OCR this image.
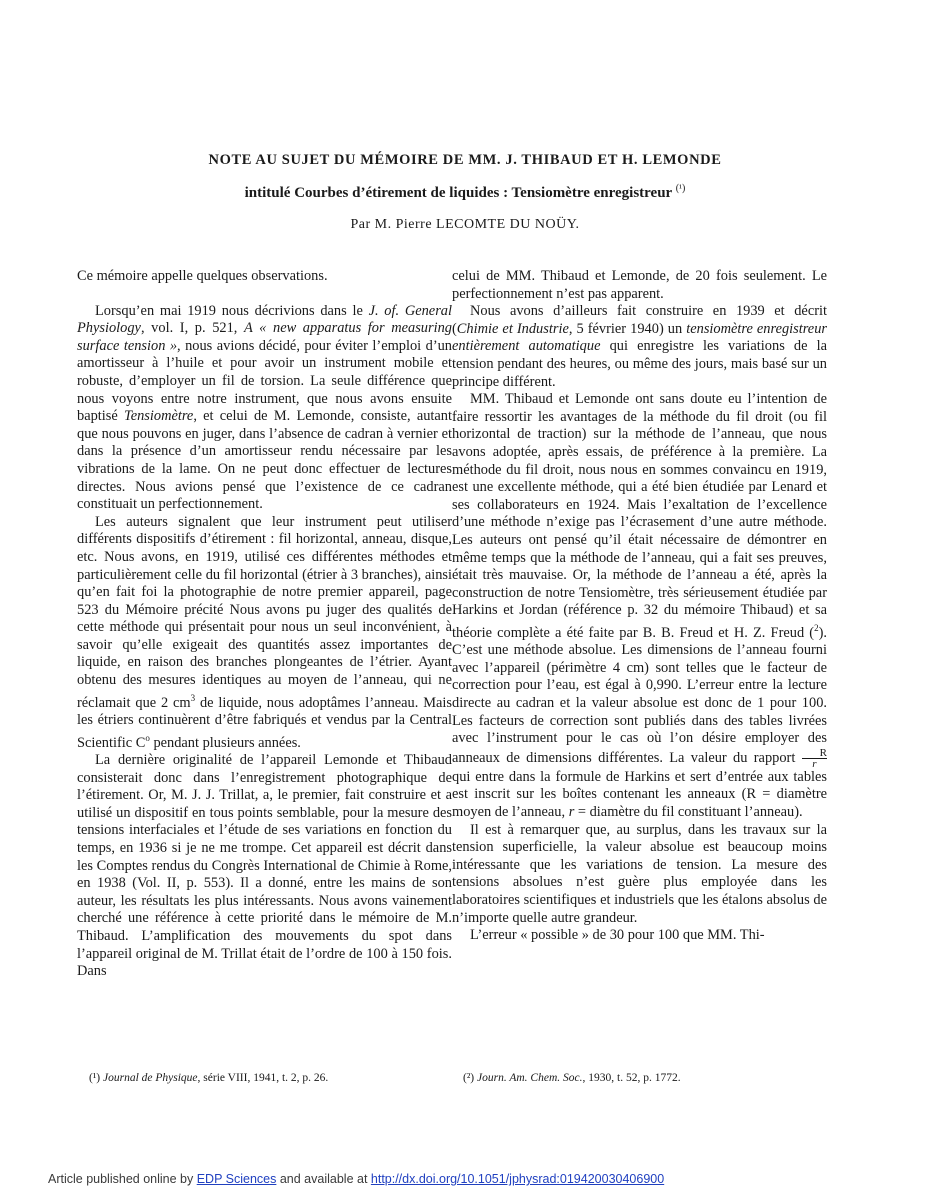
NOTE AU SUJET DU MÉMOIRE DE MM. J. THIBAUD ET H. LEMONDE
intitulé Courbes d’étirement de liquides : Tensiomètre enregistreur $^{(^1)}$
Par M. Pierre LECOMTE DU NOÜY.

Ce mémoire appelle quelques observations.

Lorsqu’en mai 1919 nous décrivions dans le J. of. General Physiology, vol. I, p. 521, A « new apparatus for measuring surface tension », nous avions décidé, pour éviter l’emploi d’un amortisseur à l’huile et pour avoir un instrument mobile et robuste, d’employer un fil de torsion. La seule différence que nous voyons entre notre instrument, que nous avons ensuite baptisé Tensiomètre, et celui de M. Lemonde, consiste, autant que nous pouvons en juger, dans l’absence de cadran à vernier et dans la présence d’un amortisseur rendu nécessaire par les vibrations de la lame. On ne peut donc effectuer de lectures directes. Nous avions pensé que l’existence de ce cadran constituait un perfectionnement.

Les auteurs signalent que leur instrument peut utiliser différents dispositifs d’étirement : fil horizontal, anneau, disque, etc. Nous avons, en 1919, utilisé ces différentes méthodes et particulièrement celle du fil horizontal (étrier à 3 branches), ainsi qu’en fait foi la photographie de notre premier appareil, page 523 du Mémoire précité Nous avons pu juger des qualités de cette méthode qui présentait pour nous un seul inconvénient, à savoir qu’elle exigeait des quantités assez importantes de liquide, en raison des branches plongeantes de l’étrier. Ayant obtenu des mesures identiques au moyen de l’anneau, qui ne réclamait que 2 $cm^3$ de liquide, nous adoptâmes l’anneau. Mais les étriers continuèrent d’être fabriqués et vendus par la Central Scientific $C^o$ pendant plusieurs années.

La dernière originalité de l’appareil Lemonde et Thibaud consisterait donc dans l’enregistrement photographique de l’étirement. Or, M. J. J. Trillat, a, le premier, fait construire et a utilisé un dispositif en tous points semblable, pour la mesure des tensions interfaciales et l’étude de ses variations en fonction du temps, en 1936 si je ne me trompe. Cet appareil est décrit dans les Comptes rendus du Congrès International de Chimie à Rome, en 1938 (Vol. II, p. 553). Il a donné, entre les mains de son auteur, les résultats les plus intéressants. Nous avons vainement cherché une référence à cette priorité dans le mémoire de M. Thibaud. L’amplification des mouvements du spot dans l’appareil original de M. Trillat était de l’ordre de 100 à 150 fois. Dans

celui de MM. Thibaud et Lemonde, de 20 fois seulement. Le perfectionnement n’est pas apparent.

Nous avons d’ailleurs fait construire en 1939 et décrit (Chimie et Industrie, 5 février 1940) un tensiomètre enregistreur entièrement automatique qui enregistre les variations de la tension pendant des heures, ou même des jours, mais basé sur un principe différent.

MM. Thibaud et Lemonde ont sans doute eu l’intention de faire ressortir les avantages de la méthode du fil droit (ou fil horizontal de traction) sur la méthode de l’anneau, que nous avons adoptée, après essais, de préférence à la première. La méthode du fil droit, nous nous en sommes convaincu en 1919, est une excellente méthode, qui a été bien étudiée par Lenard et ses collaborateurs en 1924. Mais l’exaltation de l’excellence d’une méthode n’exige pas l’écrasement d’une autre méthode. Les auteurs ont pensé qu’il était nécessaire de démontrer en même temps que la méthode de l’anneau, qui a fait ses preuves, était très mauvaise. Or, la méthode de l’anneau a été, après la construction de notre Tensiomètre, très sérieusement étudiée par Harkins et Jordan (référence p. 32 du mémoire Thibaud) et sa théorie complète a été faite par B. B. Freud et H. Z. Freud ($^2$). C’est une méthode absolue. Les dimensions de l’anneau fourni avec l’appareil (périmètre 4 cm) sont telles que le facteur de correction pour l’eau, est égal à 0,990. L’erreur entre la lecture directe au cadran et la valeur absolue est donc de 1 pour 100. Les facteurs de correction sont publiés dans des tables livrées avec l’instrument pour le cas où l’on désire employer des anneaux de dimensions différentes. La valeur du rapport $\frac{R}{r}$ qui entre dans la formule de Harkins et sert d’entrée aux tables est inscrit sur les boîtes contenant les anneaux (R = diamètre moyen de l’anneau, r = diamètre du fil constituant l’anneau).

Il est à remarquer que, au surplus, dans les travaux sur la tension superficielle, la valeur absolue est beaucoup moins intéressante que les variations de tension. La mesure des tensions absolues n’est guère plus employée dans les laboratoires scientifiques et industriels que les étalons absolus de n’importe quelle autre grandeur.

L’erreur « possible » de 30 pour 100 que MM. Thi-

(¹) Journal de Physique, série VIII, 1941, t. 2, p. 26.	(²) Journ. Am. Chem. Soc., 1930, t. 52, p. 1772.
Article published online by EDP Sciences and available at http://dx.doi.org/10.1051/jphysrad:019420030406900
